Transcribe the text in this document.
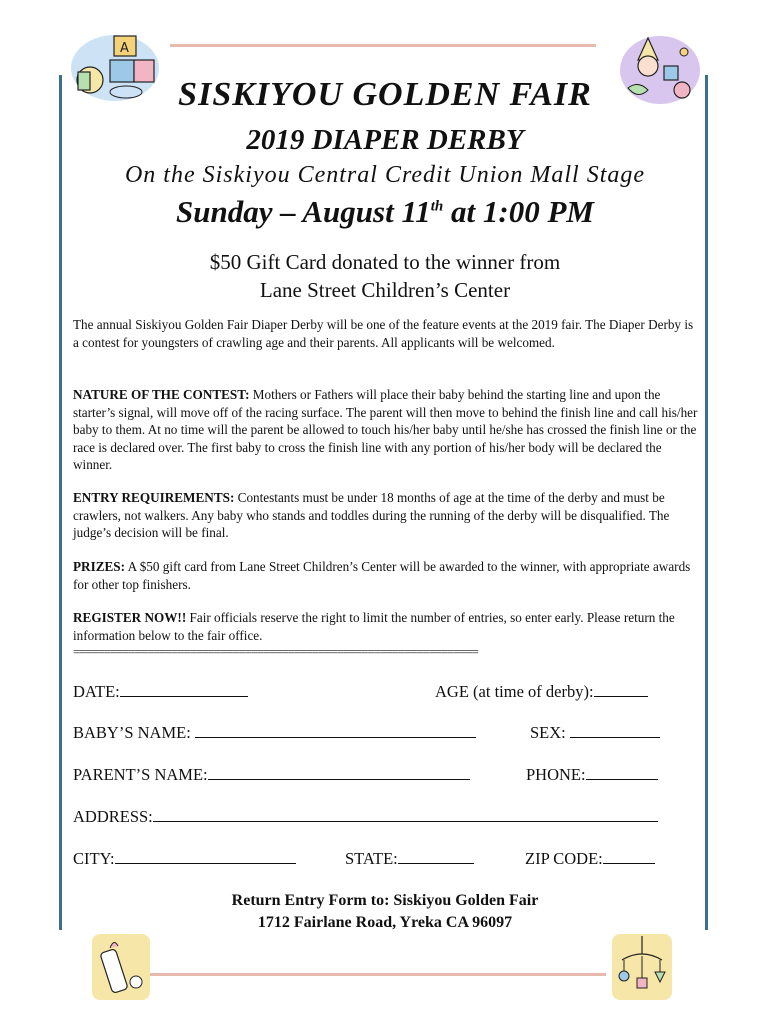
A
SISKIYOU GOLDEN FAIR
2019 DIAPER DERBY
On the Siskiyou Central Credit Union Mall Stage
Sunday – August 11th at 1:00 PM
$50 Gift Card donated to the winner from
Lane Street Children’s Center
The annual Siskiyou Golden Fair Diaper Derby will be one of the feature events at the 2019 fair. The Diaper Derby is a contest for youngsters of crawling age and their parents. All applicants will be welcomed.
NATURE OF THE CONTEST: Mothers or Fathers will place their baby behind the starting line and upon the starter’s signal, will move off of the racing surface. The parent will then move to behind the finish line and call his/her baby to them. At no time will the parent be allowed to touch his/her baby until he/she has crossed the finish line or the race is declared over. The first baby to cross the finish line with any portion of his/her body will be declared the winner.
ENTRY REQUIREMENTS: Contestants must be under 18 months of age at the time of the derby and must be crawlers, not walkers. Any baby who stands and toddles during the running of the derby will be disqualified. The judge’s decision will be final.
PRIZES: A $50 gift card from Lane Street Children’s Center will be awarded to the winner, with appropriate awards for other top finishers.
REGISTER NOW!! Fair officials reserve the right to limit the number of entries, so enter early. Please return the information below to the fair office.
==================================================================
DATE:	AGE (at time of derby):
BABY’S NAME:	SEX:
PARENT’S NAME:	PHONE:
ADDRESS:
CITY:	STATE:	ZIP CODE:
Return Entry Form to: Siskiyou Golden Fair
1712 Fairlane Road, Yreka CA 96097
